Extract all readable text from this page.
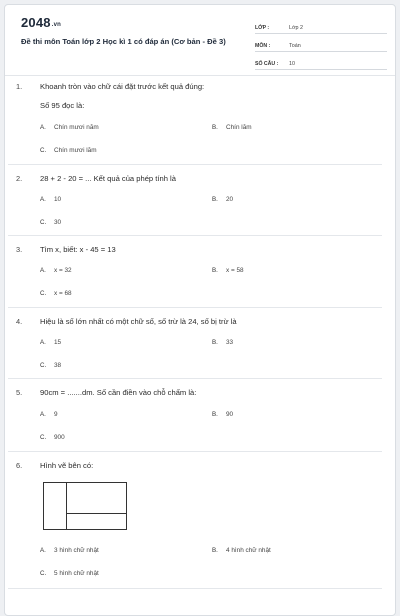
$2048_{.vn}$
Đề thi môn Toán lớp 2 Học kì 1 có đáp án (Cơ bản - Đề 3)
LỚP :	Lớp 2
MÔN :	Toán
SỐ CÂU :	10
1. Khoanh tròn vào chữ cái đặt trước kết quả đúng:
Số 95 đọc là:
A. Chín mươi năm	B. Chín lăm
C. Chín mươi lăm
2. 28 + 2 - 20 = ... Kết quả của phép tính là
A. 10	B. 20
C. 30
3. Tìm x, biết: x - 45 = 13
A. x = 32	B. x = 58
C. x = 68
4. Hiệu là số lớn nhất có một chữ số, số trừ là 24, số bị trừ là
A. 15	B. 33
C. 38
5. 90cm = .......dm. Số cần điền vào chỗ chấm là:
A. 9	B. 90
C. 900
6. Hình vẽ bên có:
A. 3 hình chữ nhật	B. 4 hình chữ nhật
C. 5 hình chữ nhật
